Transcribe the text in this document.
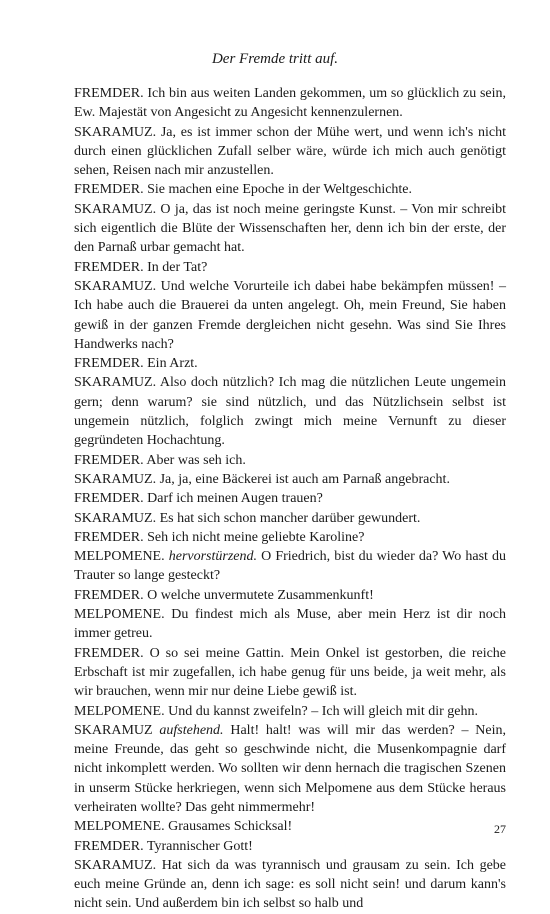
Der Fremde tritt auf.

FREMDER. Ich bin aus weiten Landen gekommen, um so glücklich zu sein, Ew. Majestät von Angesicht zu Angesicht kennenzulernen.

SKARAMUZ. Ja, es ist immer schon der Mühe wert, und wenn ich's nicht durch einen glücklichen Zufall selber wäre, würde ich mich auch genötigt sehen, Reisen nach mir anzustellen.

FREMDER. Sie machen eine Epoche in der Weltgeschichte.

SKARAMUZ. O ja, das ist noch meine geringste Kunst. – Von mir schreibt sich eigentlich die Blüte der Wissenschaften her, denn ich bin der erste, der den Parnaß urbar gemacht hat.

FREMDER. In der Tat?

SKARAMUZ. Und welche Vorurteile ich dabei habe bekämpfen müssen! – Ich habe auch die Brauerei da unten angelegt. Oh, mein Freund, Sie haben gewiß in der ganzen Fremde dergleichen nicht gesehn. Was sind Sie Ihres Handwerks nach?

FREMDER. Ein Arzt.

SKARAMUZ. Also doch nützlich? Ich mag die nützlichen Leute ungemein gern; denn warum? sie sind nützlich, und das Nützlichsein selbst ist ungemein nützlich, folglich zwingt mich meine Vernunft zu dieser gegründeten Hochachtung.

FREMDER. Aber was seh ich.

SKARAMUZ. Ja, ja, eine Bäckerei ist auch am Parnaß angebracht.

FREMDER. Darf ich meinen Augen trauen?

SKARAMUZ. Es hat sich schon mancher darüber gewundert.

FREMDER. Seh ich nicht meine geliebte Karoline?

MELPOMENE. hervorstürzend. O Friedrich, bist du wieder da? Wo hast du Trauter so lange gesteckt?

FREMDER. O welche unvermutete Zusammenkunft!

MELPOMENE. Du findest mich als Muse, aber mein Herz ist dir noch immer getreu.

FREMDER. O so sei meine Gattin. Mein Onkel ist gestorben, die reiche Erbschaft ist mir zugefallen, ich habe genug für uns beide, ja weit mehr, als wir brauchen, wenn mir nur deine Liebe gewiß ist.

MELPOMENE. Und du kannst zweifeln? – Ich will gleich mit dir gehn.

SKARAMUZ aufstehend. Halt! halt! was will mir das werden? – Nein, meine Freunde, das geht so geschwinde nicht, die Musenkompagnie darf nicht inkomplett werden. Wo sollten wir denn hernach die tragischen Szenen in unserm Stücke herkriegen, wenn sich Melpomene aus dem Stücke heraus verheiraten wollte? Das geht nimmermehr!

MELPOMENE. Grausames Schicksal!

FREMDER. Tyrannischer Gott!

SKARAMUZ. Hat sich da was tyrannisch und grausam zu sein. Ich gebe euch meine Gründe an, denn ich sage: es soll nicht sein! und darum kann's nicht sein. Und außerdem bin ich selbst so halb und

27
